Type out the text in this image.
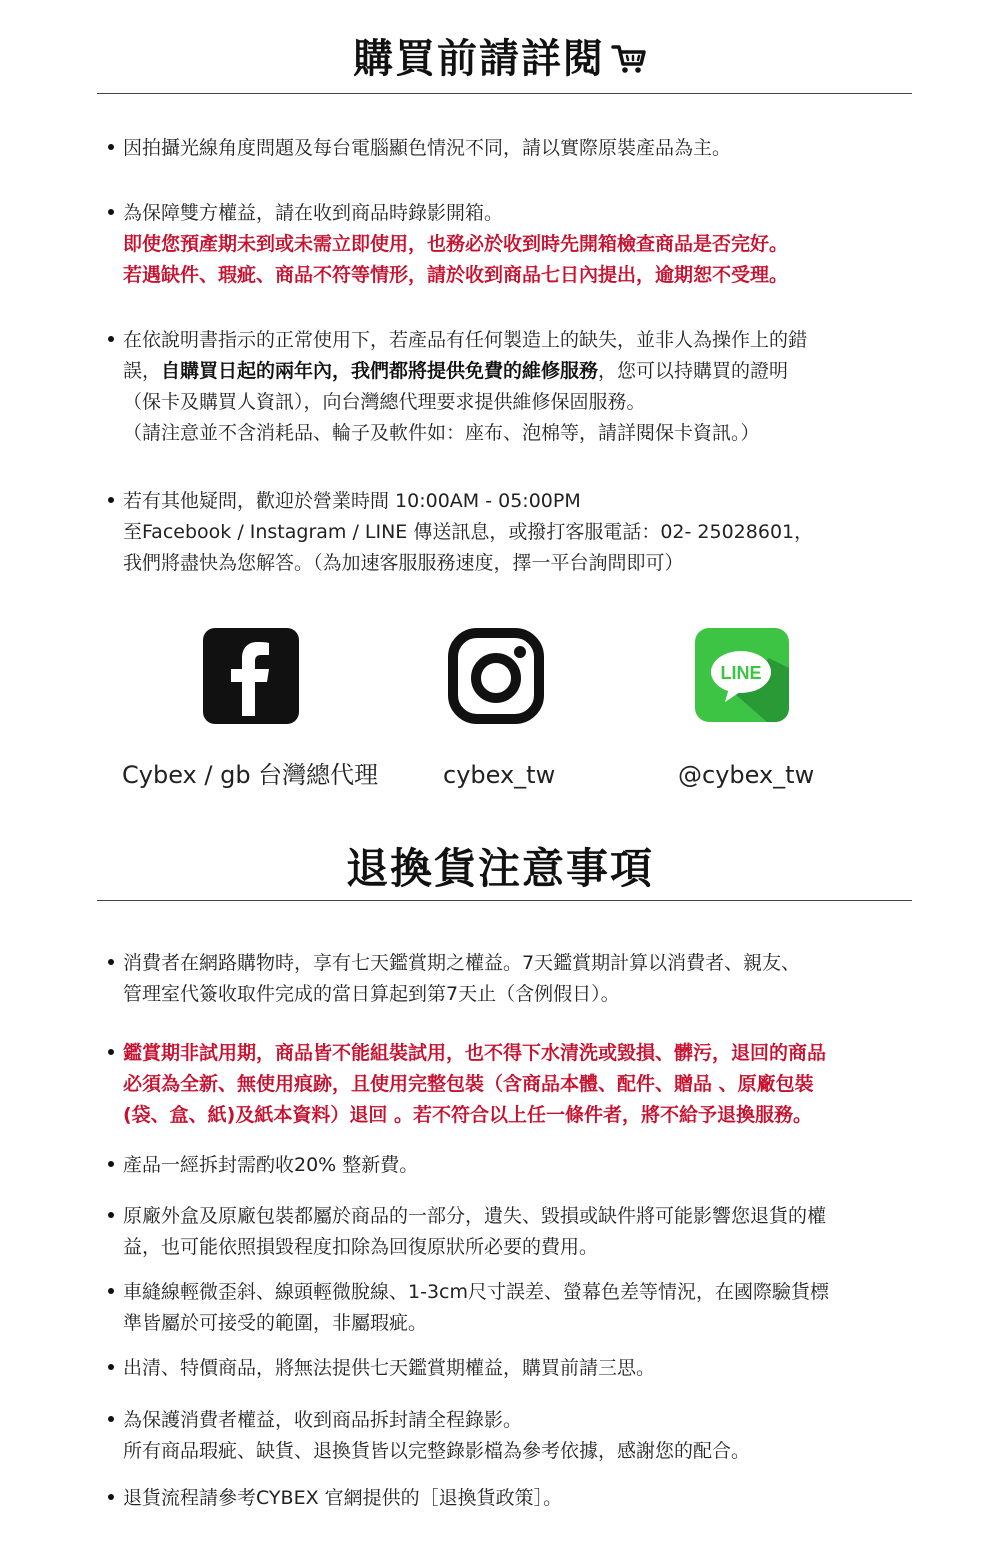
購買前請詳閱

因拍攝光線角度問題及每台電腦顯色情況不同，請以實際原裝產品為主。

為保障雙方權益，請在收到商品時錄影開箱。

即使您預產期未到或未需立即使用，也務必於收到時先開箱檢查商品是否完好。

若遇缺件、瑕疵、商品不符等情形，請於收到商品七日內提出，逾期恕不受理。

在依說明書指示的正常使用下，若產品有任何製造上的缺失，並非人為操作上的錯

誤，自購買日起的兩年內，我們都將提供免費的維修服務，您可以持購買的證明

（保卡及購買人資訊），向台灣總代理要求提供維修保固服務。

（請注意並不含消耗品、輪子及軟件如：座布、泡棉等，請詳閱保卡資訊。）

若有其他疑問，歡迎於營業時間 10:00AM - 05:00PM

至Facebook / Instagram / LINE 傳送訊息，或撥打客服電話：02- 25028601，

我們將盡快為您解答。（為加速客服服務速度，擇一平台詢問即可）

LINE
Cybex / gb 台灣總代理	cybex_tw	@cybex_tw
退換貨注意事項

消費者在網路購物時，享有七天鑑賞期之權益。7天鑑賞期計算以消費者、親友、

管理室代簽收取件完成的當日算起到第7天止（含例假日）。

鑑賞期非試用期，商品皆不能組裝試用，也不得下水清洗或毀損、髒污，退回的商品

必須為全新、無使用痕跡，且使用完整包裝（含商品本體、配件、贈品 、原廠包裝

(袋、盒、紙)及紙本資料）退回 。若不符合以上任一條件者，將不給予退換服務。

產品一經拆封需酌收20% 整新費。

原廠外盒及原廠包裝都屬於商品的一部分，遺失、毀損或缺件將可能影響您退貨的權

益，也可能依照損毀程度扣除為回復原狀所必要的費用。

車縫線輕微歪斜、線頭輕微脫線、1-3cm尺寸誤差、螢幕色差等情況，在國際驗貨標

準皆屬於可接受的範圍，非屬瑕疵。

出清、特價商品，將無法提供七天鑑賞期權益，購買前請三思。

為保護消費者權益，收到商品拆封請全程錄影。

所有商品瑕疵、缺貨、退換貨皆以完整錄影檔為參考依據，感謝您的配合。

退貨流程請參考CYBEX 官網提供的［退換貨政策］。
